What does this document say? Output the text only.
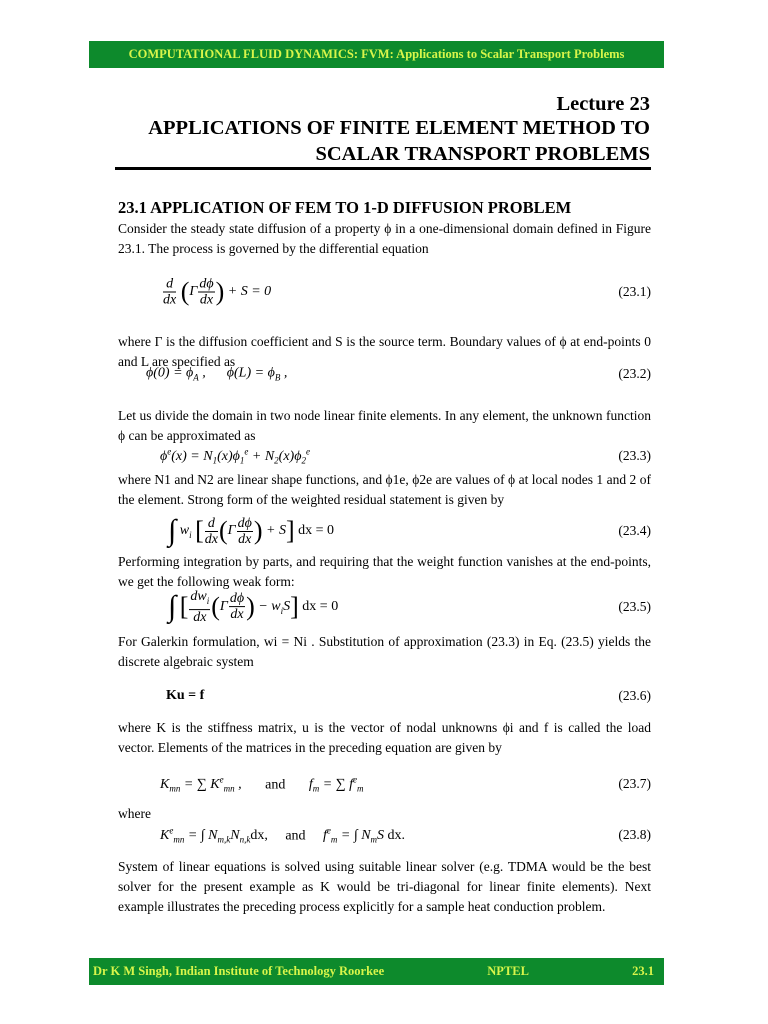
COMPUTATIONAL FLUID DYNAMICS: FVM: Applications to Scalar Transport Problems
Lecture 23
APPLICATIONS OF FINITE ELEMENT METHOD TO
SCALAR TRANSPORT PROBLEMS
23.1 APPLICATION OF FEM TO 1-D DIFFUSION PROBLEM
Consider the steady state diffusion of a property ϕ in a one-dimensional domain defined in Figure 23.1. The process is governed by the differential equation
$\frac{d}{dx} (\Gamma \frac{d\phi}{dx}$ ) + S = 0	(23.1)
where Γ is the diffusion coefficient and S is the source term. Boundary values of ϕ at end-points 0 and L are specified as
$\phi(0) = \phi_A$ ,      $\phi(L) = \phi_B$ ,	(23.2)
Let us divide the domain in two node linear finite elements. In any element, the unknown function ϕ can be approximated as
$\phi^e(x) = N_1(x)\phi_1^e + N_2(x)\phi_2^e$	(23.3)
where N1 and N2 are linear shape functions, and ϕ1e, ϕ2e are values of ϕ at local nodes 1 and 2 of the element. Strong form of the weighted residual statement is given by
∫ $w_i$ [ $\frac{d}{dx} (\Gamma \frac{d\phi}{dx}$ ) + S] dx = 0	(23.4)
Performing integration by parts, and requiring that the weight function vanishes at the end-points, we get the following weak form:
∫ [ $\frac{dw_i}{dx} (\Gamma \frac{d\phi}{dx}$ ) − $w_iS$] dx = 0	(23.5)
For Galerkin formulation, wi = Ni . Substitution of approximation (23.3) in Eq. (23.5) yields the discrete algebraic system
Ku = f	(23.6)
where K is the stiffness matrix, u is the vector of nodal unknowns ϕi and f is called the load vector. Elements of the matrices in the preceding equation are given by
$K_{mn}$ = ∑ $K^e_{mn}$ , and $f_m$ = ∑ $f^e_m$	(23.7)
where
$K^e_{mn}$ = ∫ $N_{m,k}N_{n,k}dx$, and $f^e_m$ = ∫ $N_mS$ dx.	(23.8)
System of linear equations is solved using suitable linear solver (e.g. TDMA would be the best solver for the present example as K would be tri-diagonal for linear finite elements). Next example illustrates the preceding process explicitly for a sample heat conduction problem.
Dr K M Singh, Indian Institute of Technology Roorkee	NPTEL	23.1
